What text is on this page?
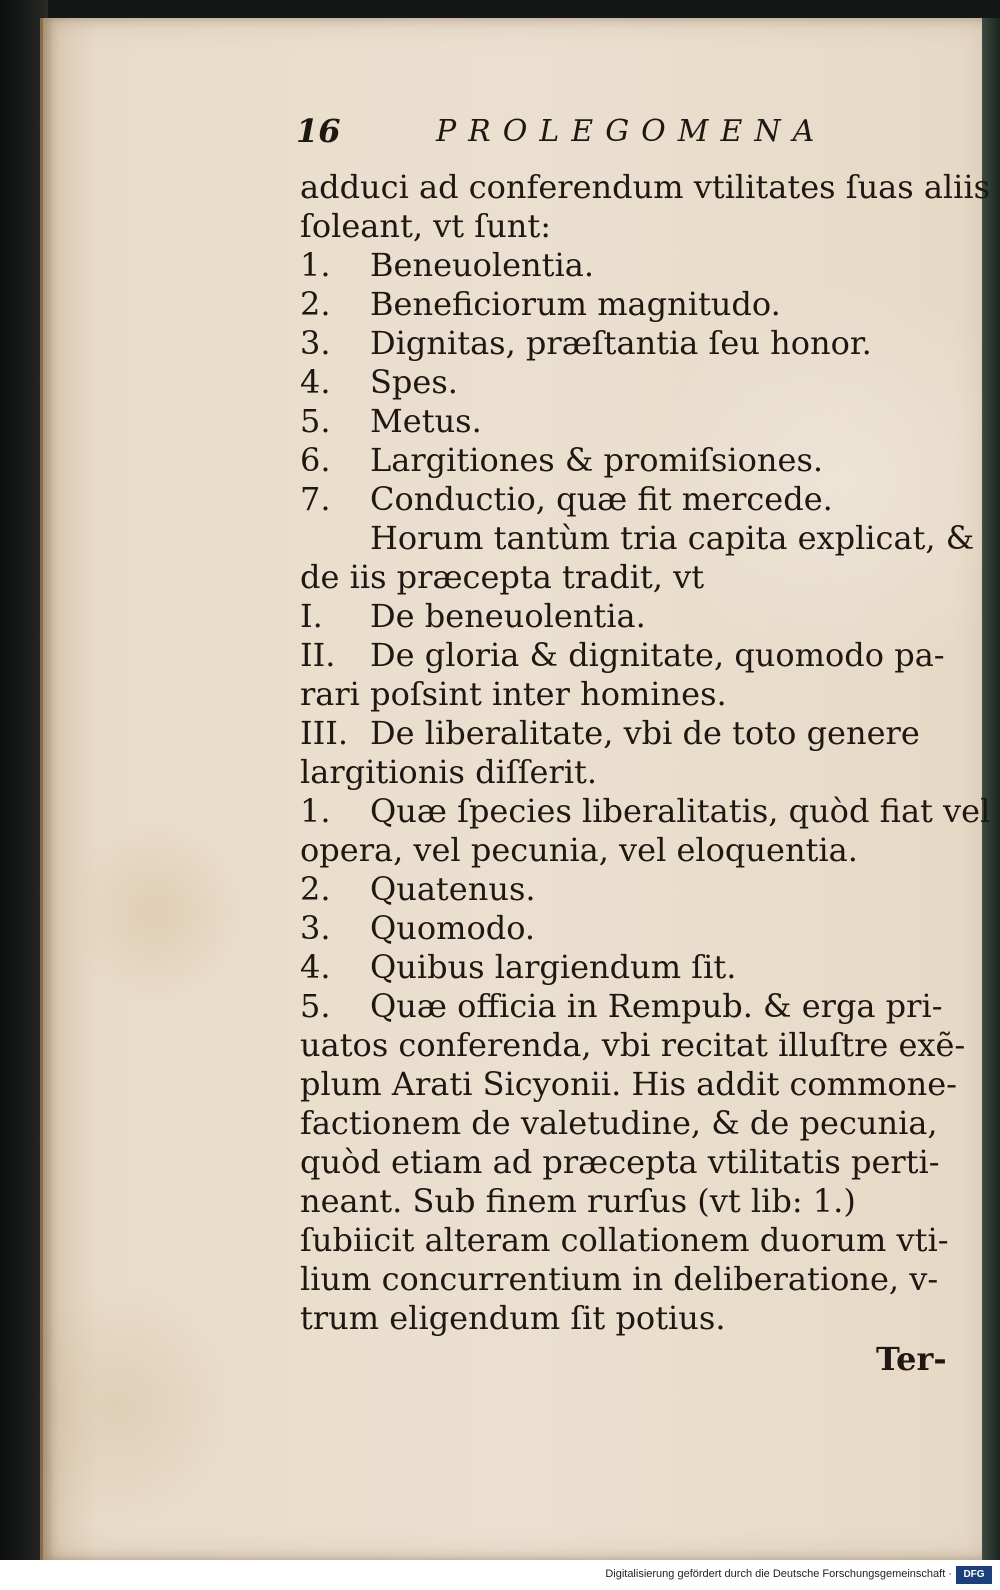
16	PROLEGOMENA
adduci ad conferendum vtilitates ſuas aliis
ſoleant, vt ſunt:
1. Beneuolentia.
2. Beneficiorum magnitudo.
3. Dignitas, præſtantia ſeu honor.
4. Spes.
5. Metus.
6. Largitiones & promiſsiones.
7. Conductio, quæ fit mercede.
Horum tantùm tria capita explicat, &
de iis præcepta tradit, vt
I. De beneuolentia.
II. De gloria & dignitate, quomodo pa-
rari poſsint inter homines.
III. De liberalitate, vbi de toto genere
largitionis diſſerit.
1. Quæ ſpecies liberalitatis, quòd fiat vel
opera, vel pecunia, vel eloquentia.
2. Quatenus.
3. Quomodo.
4. Quibus largiendum ſit.
5. Quæ officia in Rempub. & erga pri-
uatos conferenda, vbi recitat illuſtre exẽ-
plum Arati Sicyonii. His addit commone-
factionem de valetudine, & de pecunia,
quòd etiam ad præcepta vtilitatis perti-
neant. Sub finem rurſus (vt lib: 1.)
ſubiicit alteram collationem duorum vti-
lium concurrentium in deliberatione, v-
trum eligendum ſit potius.
Ter-
Digitalisierung gefördert durch die Deutsche Forschungsgemeinschaft ·	DFG
